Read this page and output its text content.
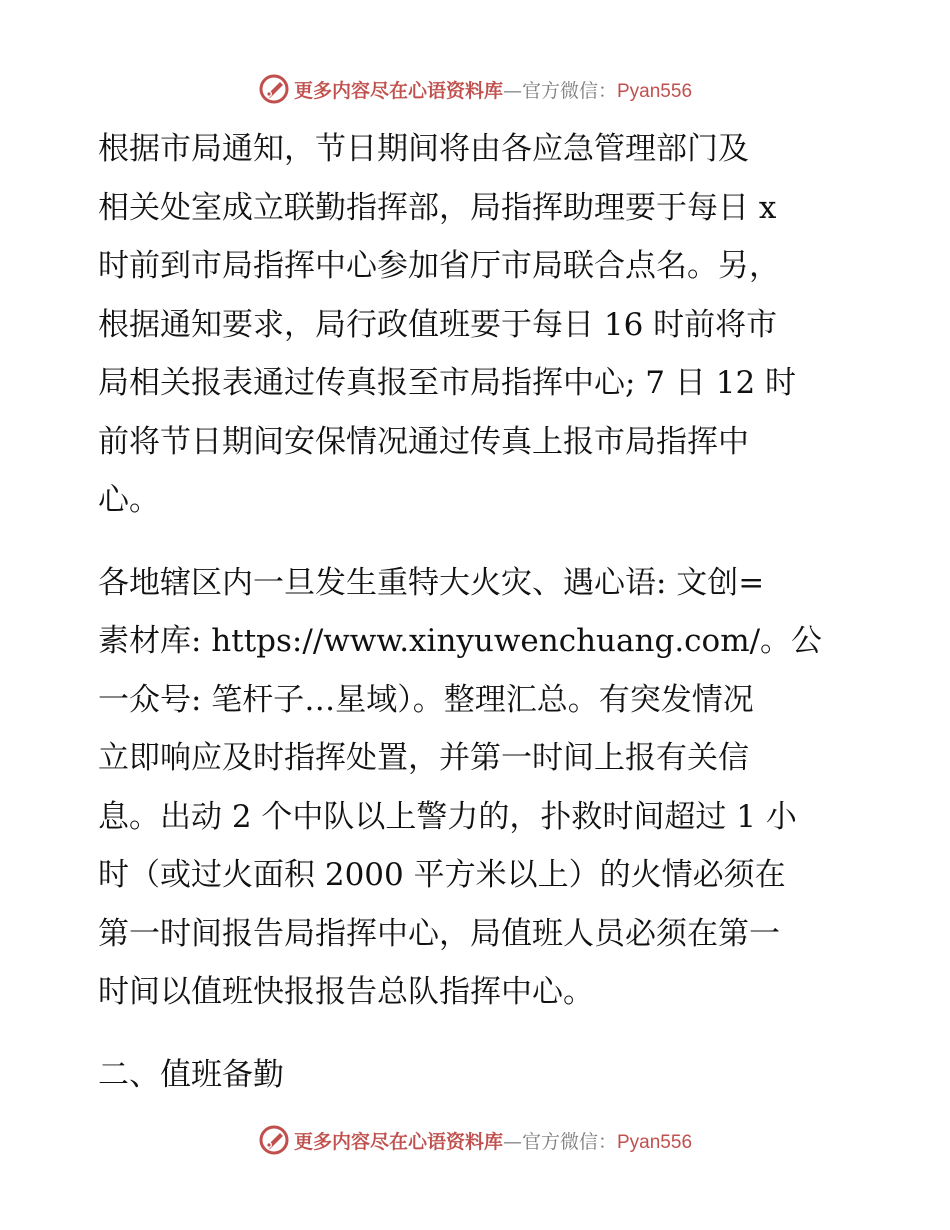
更多内容尽在心语资料库—官方微信：Pyan556

根据市局通知，节日期间将由各应急管理部门及
相关处室成立联勤指挥部，局指挥助理要于每日 x
时前到市局指挥中心参加省厅市局联合点名。另，
根据通知要求，局行政值班要于每日 16 时前将市
局相关报表通过传真报至市局指挥中心; 7 日 12 时
前将节日期间安保情况通过传真上报市局指挥中
心。

各地辖区内一旦发生重特大火灾、遇心语: 文创=
素材库: https://www.xinyuwenchuang.com/。公
一众号: 笔杆子…星域）。整理汇总。有突发情况
立即响应及时指挥处置，并第一时间上报有关信
息。出动 2 个中队以上警力的，扑救时间超过 1 小
时（或过火面积 2000 平方米以上）的火情必须在
第一时间报告局指挥中心，局值班人员必须在第一
时间以值班快报报告总队指挥中心。

二、值班备勤

更多内容尽在心语资料库—官方微信：Pyan556
